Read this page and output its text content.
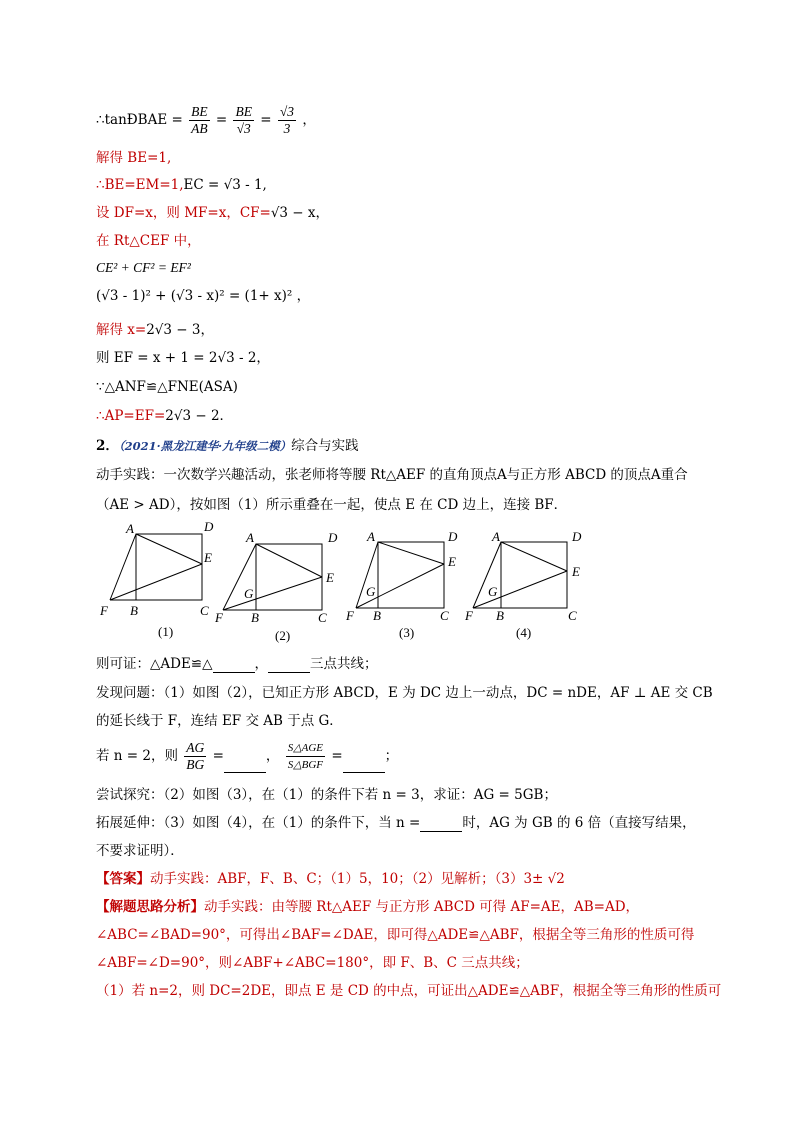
∴tanÐBAE = $\frac{BE}{AB} = \frac{BE}{√3} = \frac{√3}{3}$ ，
解得 BE=1,
∴BE=EM=1,EC = √3 - 1,
设 DF=x，则 MF=x，CF=√3 − x，
在 Rt△CEF 中，
CE² + CF² = EF²
(√3 - 1)² + (√3 - x)² = (1+ x)² ，
解得 x=2√3 − 3，
则 EF = x + 1 = 2√3 - 2，
∵△ANF≌△FNE(ASA)
∴AP=EF=2√3 − 2．
2．（2021·黑龙江建华·九年级二模）综合与实践
动手实践：一次数学兴趣活动，张老师将等腰 Rt△AEF 的直角顶点A与正方形 ABCD 的顶点A重合
（AE > AD），按如图（1）所示重叠在一起，使点 E 在 CD 边上，连接 BF．
A	D
E
F B	C
(1)
A	D
E
G
F B	C
(2)
A	D
E
G
F B	C
(3)
A	D
E
G
F B	C
(4)
则可证：△ADE≌△	，	三点共线；
发现问题：（1）如图（2），已知正方形 ABCD，E 为 DC 边上一动点，DC = nDE，AF ⊥ AE 交 CB
的延长线于 F，连结 EF 交 AB 于点 G．
若 n = 2，则 $\frac{AG}{BG}$ =	， $\frac{\text{S△AGE}}{\text{S△BGF}}$ =	；
尝试探究：（2）如图（3），在（1）的条件下若 n = 3，求证：AG = 5GB；
拓展延伸：（3）如图（4），在（1）的条件下，当 n =	时，AG 为 GB 的 6 倍（直接写结果，
不要求证明）．
【答案】动手实践：ABF，F、B、C；（1）5，10；（2）见解析；（3）3± √2
【解题思路分析】动手实践：由等腰 Rt△AEF 与正方形 ABCD 可得 AF=AE，AB=AD，
∠ABC=∠BAD=90°，可得出∠BAF=∠DAE，即可得△ADE≌△ABF，根据全等三角形的性质可得
∠ABF=∠D=90°，则∠ABF+∠ABC=180°，即 F、B、C 三点共线；
（1）若 n=2，则 DC=2DE，即点 E 是 CD 的中点，可证出△ADE≌△ABF，根据全等三角形的性质可
